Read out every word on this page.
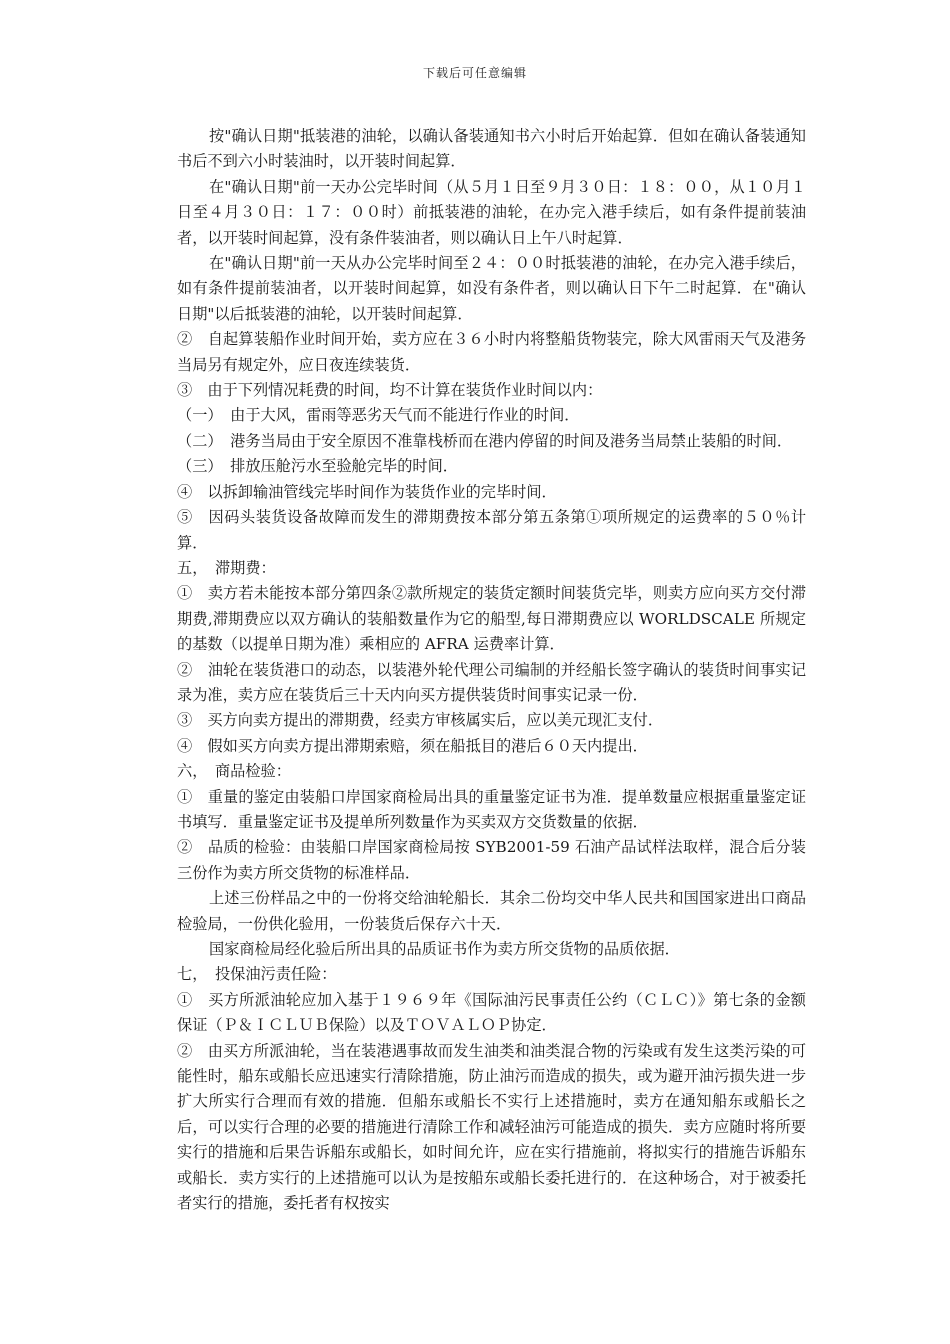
下载后可任意编辑

按"确认日期"抵装港的油轮，以确认备装通知书六小时后开始起算．但如在确认备装通知书后不到六小时装油时，以开装时间起算．

在"确认日期"前一天办公完毕时间（从５月１日至９月３０日：１８：００，从１０月１日至４月３０日：１７：００时）前抵装港的油轮，在办完入港手续后，如有条件提前装油者，以开装时间起算，没有条件装油者，则以确认日上午八时起算．

在"确认日期"前一天从办公完毕时间至２４：００时抵装港的油轮，在办完入港手续后，如有条件提前装油者，以开装时间起算，如没有条件者，则以确认日下午二时起算．在"确认日期"以后抵装港的油轮，以开装时间起算．

②　自起算装船作业时间开始，卖方应在３６小时内将整船货物装完，除大风雷雨天气及港务当局另有规定外，应日夜连续装货．

③　由于下列情况耗费的时间，均不计算在装货作业时间以内：

（一）　由于大风，雷雨等恶劣天气而不能进行作业的时间．

（二）　港务当局由于安全原因不准靠栈桥而在港内停留的时间及港务当局禁止装船的时间．

（三）　排放压舱污水至验舱完毕的时间．

④　以拆卸输油管线完毕时间作为装货作业的完毕时间．

⑤　因码头装货设备故障而发生的滞期费按本部分第五条第①项所规定的运费率的５０％计算．

五，　滞期费：

①　卖方若未能按本部分第四条②款所规定的装货定额时间装货完毕，则卖方应向买方交付滞期费,滞期费应以双方确认的装船数量作为它的船型,每日滞期费应以 WORLDSCALE 所规定的基数（以提单日期为准）乘相应的 AFRA 运费率计算．

②　油轮在装货港口的动态，以装港外轮代理公司编制的并经船长签字确认的装货时间事实记录为准，卖方应在装货后三十天内向买方提供装货时间事实记录一份．

③　买方向卖方提出的滞期费，经卖方审核属实后，应以美元现汇支付．

④　假如买方向卖方提出滞期索赔，须在船抵目的港后６０天内提出．

六，　商品检验：

①　重量的鉴定由装船口岸国家商检局出具的重量鉴定证书为准．提单数量应根据重量鉴定证书填写．重量鉴定证书及提单所列数量作为买卖双方交货数量的依据．

②　品质的检验：由装船口岸国家商检局按 SYB2001-59 石油产品试样法取样，混合后分装三份作为卖方所交货物的标准样品．

上述三份样品之中的一份将交给油轮船长．其余二份均交中华人民共和国国家进出口商品检验局，一份供化验用，一份装货后保存六十天．

国家商检局经化验后所出具的品质证书作为卖方所交货物的品质依据．

七，　投保油污责任险：

①　买方所派油轮应加入基于１９６９年《国际油污民事责任公约（ＣＬＣ）》第七条的金额保证（Ｐ＆ＩＣＬＵＢ保险）以及ＴＯＶＡＬＯＰ协定．

②　由买方所派油轮，当在装港遇事故而发生油类和油类混合物的污染或有发生这类污染的可能性时，船东或船长应迅速实行清除措施，防止油污而造成的损失，或为避开油污损失进一步扩大所实行合理而有效的措施．但船东或船长不实行上述措施时，卖方在通知船东或船长之后，可以实行合理的必要的措施进行清除工作和减轻油污可能造成的损失．卖方应随时将所要实行的措施和后果告诉船东或船长，如时间允许，应在实行措施前，将拟实行的措施告诉船东或船长．卖方实行的上述措施可以认为是按船东或船长委托进行的．在这种场合，对于被委托者实行的措施，委托者有权按实
